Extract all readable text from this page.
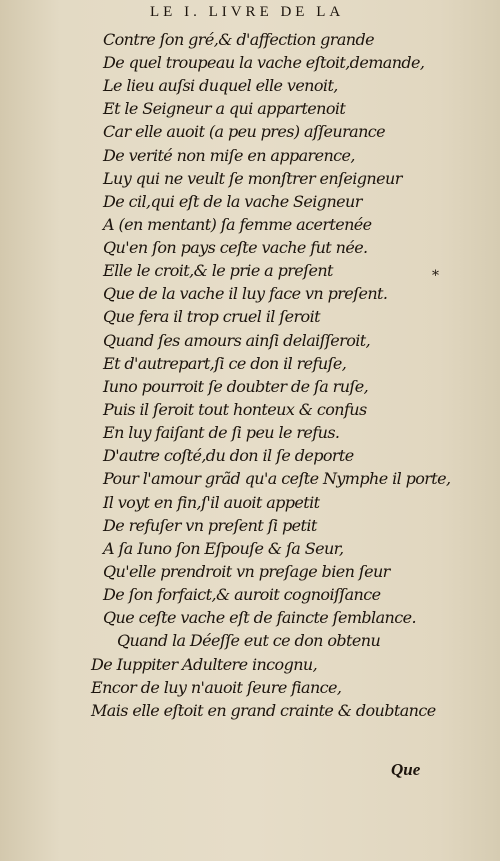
LE I. LIVRE DE LA
Contre ſon gré,& d'affection grande
De quel troupeau la vache eſtoit,demande,
Le lieu auſsi duquel elle venoit,
Et le Seigneur a qui appartenoit
Car elle auoit (a peu pres) aſſeurance
De verité non miſe en apparence,
Luy qui ne veult ſe monſtrer enſeigneur
De cil,qui eſt de la vache Seigneur
A (en mentant) ſa femme acertenée
Qu'en ſon pays ceſte vache fut née.
Elle le croit,& le prie a preſent
Que de la vache il luy face vn preſent.
Que fera il trop cruel il ſeroit
Quand ſes amours ainſi delaiſſeroit,
Et d'autrepart,ſi ce don il refuſe,
Iuno pourroit ſe doubter de ſa ruſe,
Puis il ſeroit tout honteux & confus
En luy faiſant de ſi peu le refus.
D'autre coſté,du don il ſe deporte
Pour l'amour grãd qu'a ceſte Nymphe il porte,
Il voyt en fin,ſ'il auoit appetit
De refuſer vn preſent ſi petit
A ſa Iuno ſon Eſpouſe & ſa Seur,
Qu'elle prendroit vn preſage bien ſeur
De ſon forfaict,& auroit cognoiſſance
Que ceſte vache eſt de faincte ſemblance.
Quand la Déeſſe eut ce don obtenu
De Iuppiter Adultere incognu,
Encor de luy n'auoit ſeure fiance,
Mais elle eſtoit en grand crainte & doubtance
*
Que
